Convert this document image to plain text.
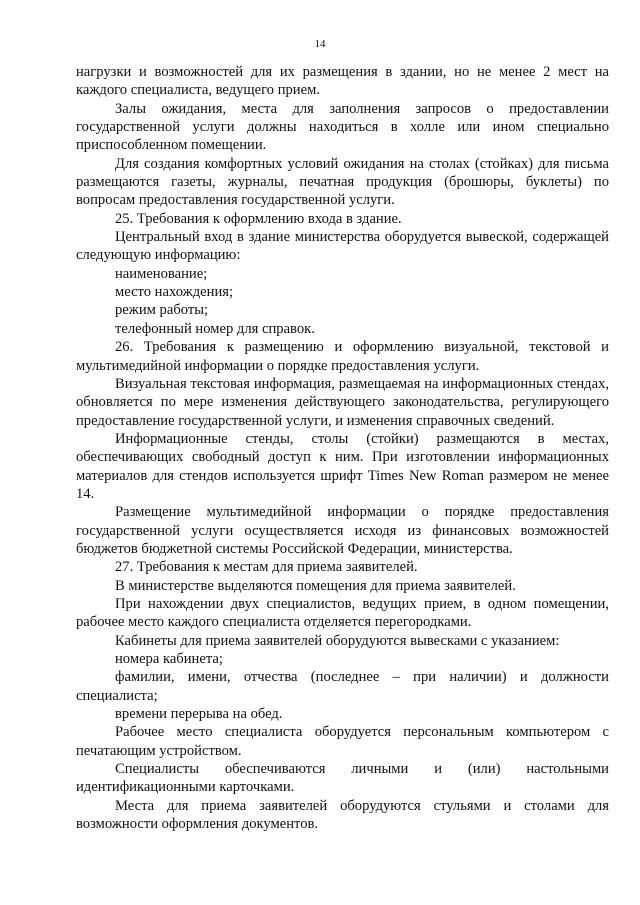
14

нагрузки и возможностей для их размещения в здании, но не менее 2 мест на каждого специалиста, ведущего прием.

Залы ожидания, места для заполнения запросов о предоставлении государственной услуги должны находиться в холле или ином специально приспособленном помещении.

Для создания комфортных условий ожидания на столах (стойках) для письма размещаются газеты, журналы, печатная продукция (брошюры, буклеты) по вопросам предоставления государственной услуги.

25. Требования к оформлению входа в здание.

Центральный вход в здание министерства оборудуется вывеской, содержащей следующую информацию:

наименование;

место нахождения;

режим работы;

телефонный номер для справок.

26. Требования к размещению и оформлению визуальной, текстовой и мультимедийной информации о порядке предоставления услуги.

Визуальная текстовая информация, размещаемая на информационных стендах, обновляется по мере изменения действующего законодательства, регулирующего предоставление государственной услуги, и изменения справочных сведений.

Информационные стенды, столы (стойки) размещаются в местах, обеспечивающих свободный доступ к ним. При изготовлении информационных материалов для стендов используется шрифт Times New Roman размером не менее 14.

Размещение мультимедийной информации о порядке предоставления государственной услуги осуществляется исходя из финансовых возможностей бюджетов бюджетной системы Российской Федерации, министерства.

27. Требования к местам для приема заявителей.

В министерстве выделяются помещения для приема заявителей.

При нахождении двух специалистов, ведущих прием, в одном помещении, рабочее место каждого специалиста отделяется перегородками.

Кабинеты для приема заявителей оборудуются вывесками с указанием:

номера кабинета;

фамилии, имени, отчества (последнее – при наличии) и должности специалиста;

времени перерыва на обед.

Рабочее место специалиста оборудуется персональным компьютером с печатающим устройством.

Специалисты обеспечиваются личными и (или) настольными идентификационными карточками.

Места для приема заявителей оборудуются стульями и столами для возможности оформления документов.
